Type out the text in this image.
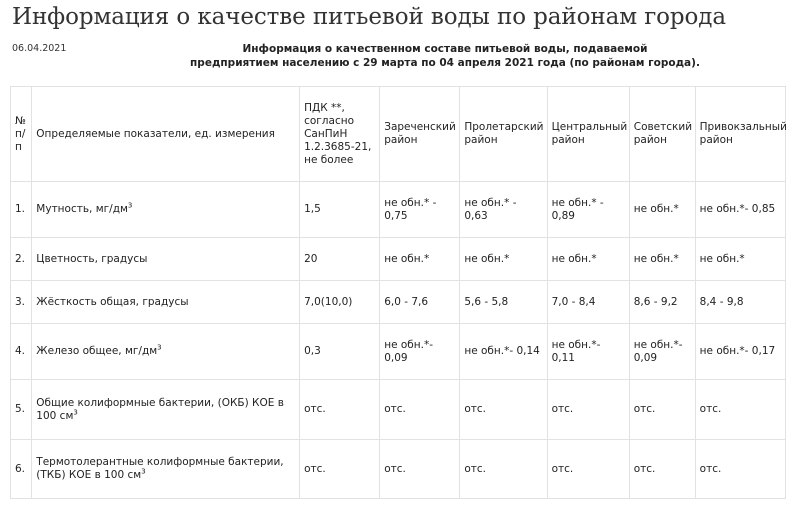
Информация о качестве питьевой воды по районам города
06.04.2021	Информация о качественном составе питьевой воды, подаваемой
предприятием населению с 29 марта по 04 апреля 2021 года (по районам города).
№ п/п	Определяемые показатели, ед. измерения	ПДК **, согласно СанПиН 1.2.3685-21, не более	Зареченский район	Пролетарский район	Центральный район	Советский район	Привокзальный район
1.	Мутность, $мг/дм^3$	1,5	не обн.* - 0,75	не обн.* - 0,63	не обн.* - 0,89	не обн.*	не обн.*- 0,85
2.	Цветность, градусы	20	не обн.*	не обн.*	не обн.*	не обн.*	не обн.*
3.	Жёсткость общая, градусы	7,0(10,0)	6,0 - 7,6	5,6 - 5,8	7,0 - 8,4	8,6 - 9,2	8,4 - 9,8
4.	Железо общее, $мг/дм^3$	0,3	не обн.*- 0,09	не обн.*- 0,14	не обн.*- 0,11	не обн.*- 0,09	не обн.*- 0,17
5.	Общие колиформные бактерии, (ОКБ) КОЕ в 100 $см^3$	отс.	отс.	отс.	отс.	отс.	отс.
6.	Термотолерантные колиформные бактерии, (ТКБ) КОЕ в 100 $см^3$	отс.	отс.	отс.	отс.	отс.	отс.
